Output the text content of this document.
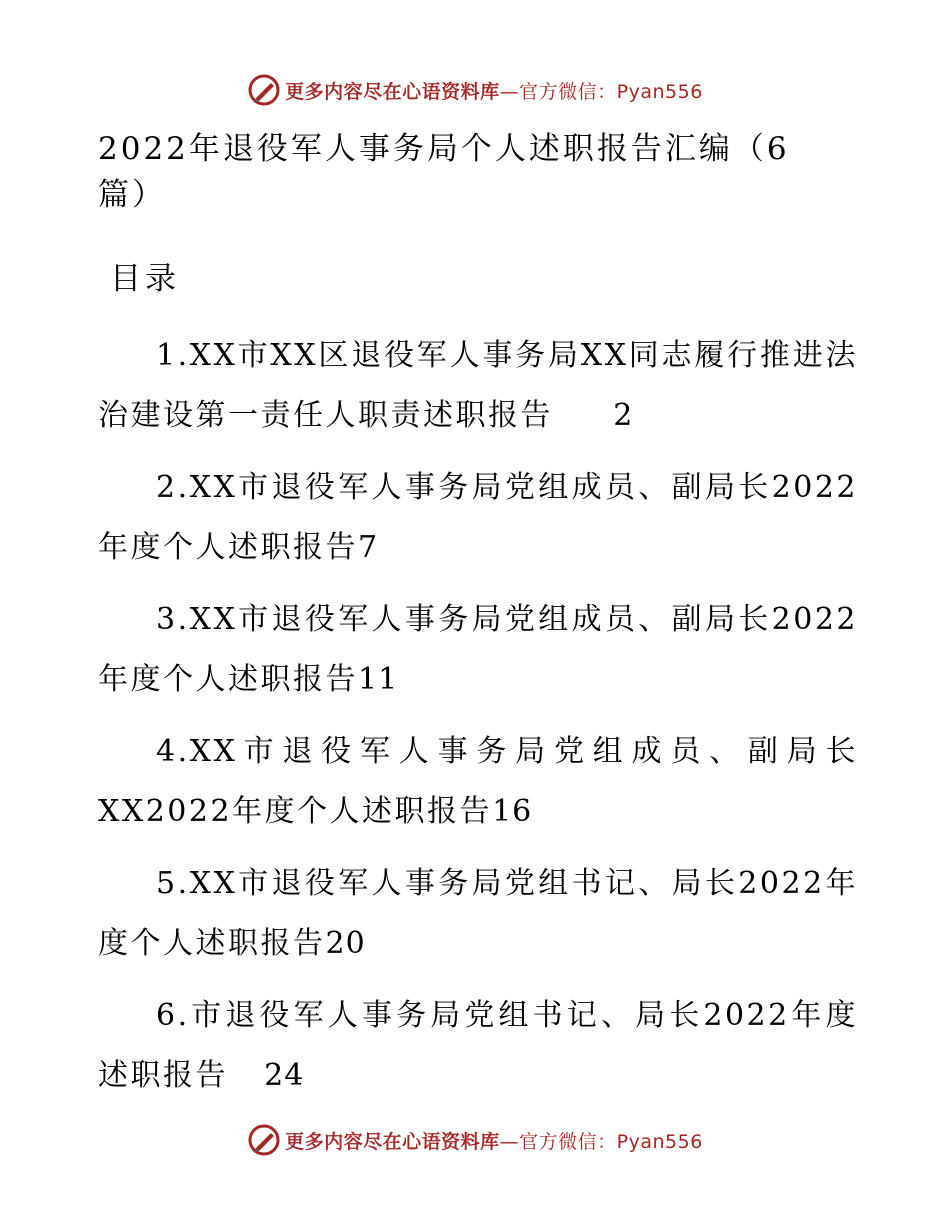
更多内容尽在心语资料库 —官方微信：Pyan556
2022年退役军人事务局个人述职报告汇编（6篇）
目录
1.XX市XX区退役军人事务局XX同志履行推进法治建设第一责任人职责述职报告 2
2.XX市退役军人事务局党组成员、副局长2022年度个人述职报告7
3.XX市退役军人事务局党组成员、副局长2022年度个人述职报告11
4.XX市退役军人事务局党组成员、副局长XX2022年度个人述职报告16
5.XX市退役军人事务局党组书记、局长2022年度个人述职报告20
6.市退役军人事务局党组书记、局长2022年度述职报告 24
更多内容尽在心语资料库 —官方微信：Pyan556
